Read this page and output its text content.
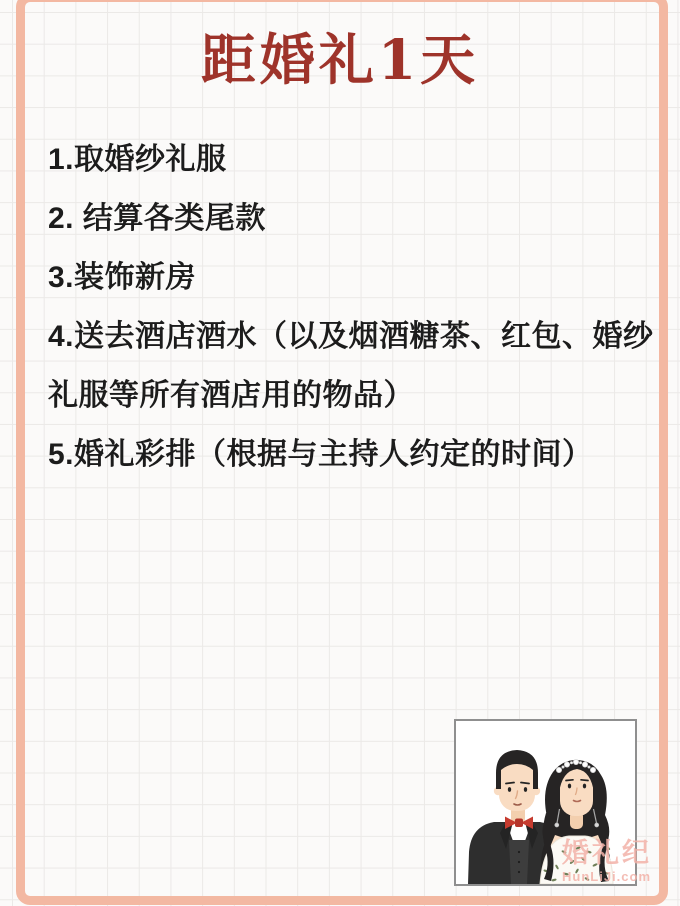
距婚礼1天
1.取婚纱礼服
2. 结算各类尾款
3.装饰新房
4.送去酒店酒水（以及烟酒糖茶、红包、婚纱
礼服等所有酒店用的物品）
5.婚礼彩排（根据与主持人约定的时间）
婚礼纪
HunLiJi.com
